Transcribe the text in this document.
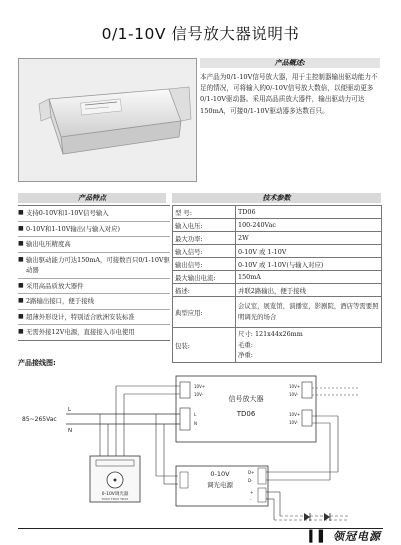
0/1-10V 信号放大器说明书
产品概述:
本产品为0/1-10V信号放大器，用于主控制器输出驱动能力不足的情况，可将输入的0/-10V信号放大数倍，以便驱动更多0/1-10V驱动器。采用高品质放大器件，输出驱动力可达150mA，可接0/1-10V驱动器多达数百只。
产品特点
■ 支持0-10V和1-10V信号输入
■ 0-10V和1-10V输出(与输入对应)
■ 输出电压精度高
■ 输出驱动能力可达150mA，可接数百只0/1-10V驱动器
■ 采用高品质放大器件
■ 2路输出接口，便于接线
■ 超薄外形设计，特别适合欧洲安装标准
■ 无需外接12V电源，直接接入市电使用
技术参数
型 号:	TD06
输入电压:	100-240Vac
最大功率:	2W
输入信号:	0-10V 或 1-10V
输出信号:	0-10V 或 1-10V(与输入对应)
最大输出电流:	150mA
描述:	并联2路输出，便于接线
典型应用:	会议室，展览馆，演播室，影剧院，酒店等需要照明调光的场合
包装:	尺寸: 121x44x26mm
毛重:
净重:
产品接线图:
信号放大器
TD06
10V+
10V-
L
N
10V+
10V-
10V+
10V-
85~265Vac
L
N
0-10V调光器
TDXX TDXX TDXX
0-10V
调光电源
D+
D-
+
-
▍▌ 领冠电源
